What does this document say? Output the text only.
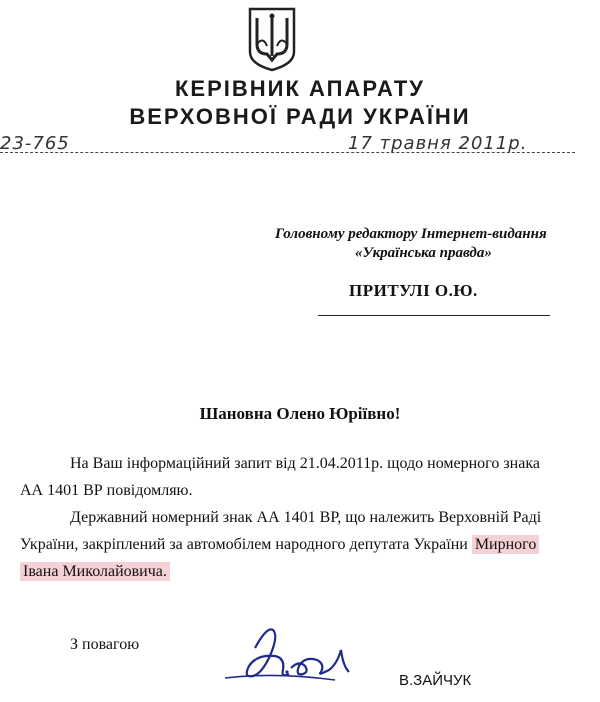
КЕРІВНИК АПАРАТУ
ВЕРХОВНОЇ РАДИ УКРАЇНИ
23-765	17 травня 2011р.
Головному редактору Інтернет-видання
«Українська правда»
ПРИТУЛІ О.Ю.
Шановна Олено Юріївно!
На Ваш інформаційний запит від 21.04.2011р. щодо номерного знака
АА 1401 ВР повідомляю.
Державний номерний знак АА 1401 ВР, що належить Верховній Раді
України, закріплений за автомобілем народного депутата України Мирного
Івана Миколайовича.
З повагою
В.ЗАЙЧУК
